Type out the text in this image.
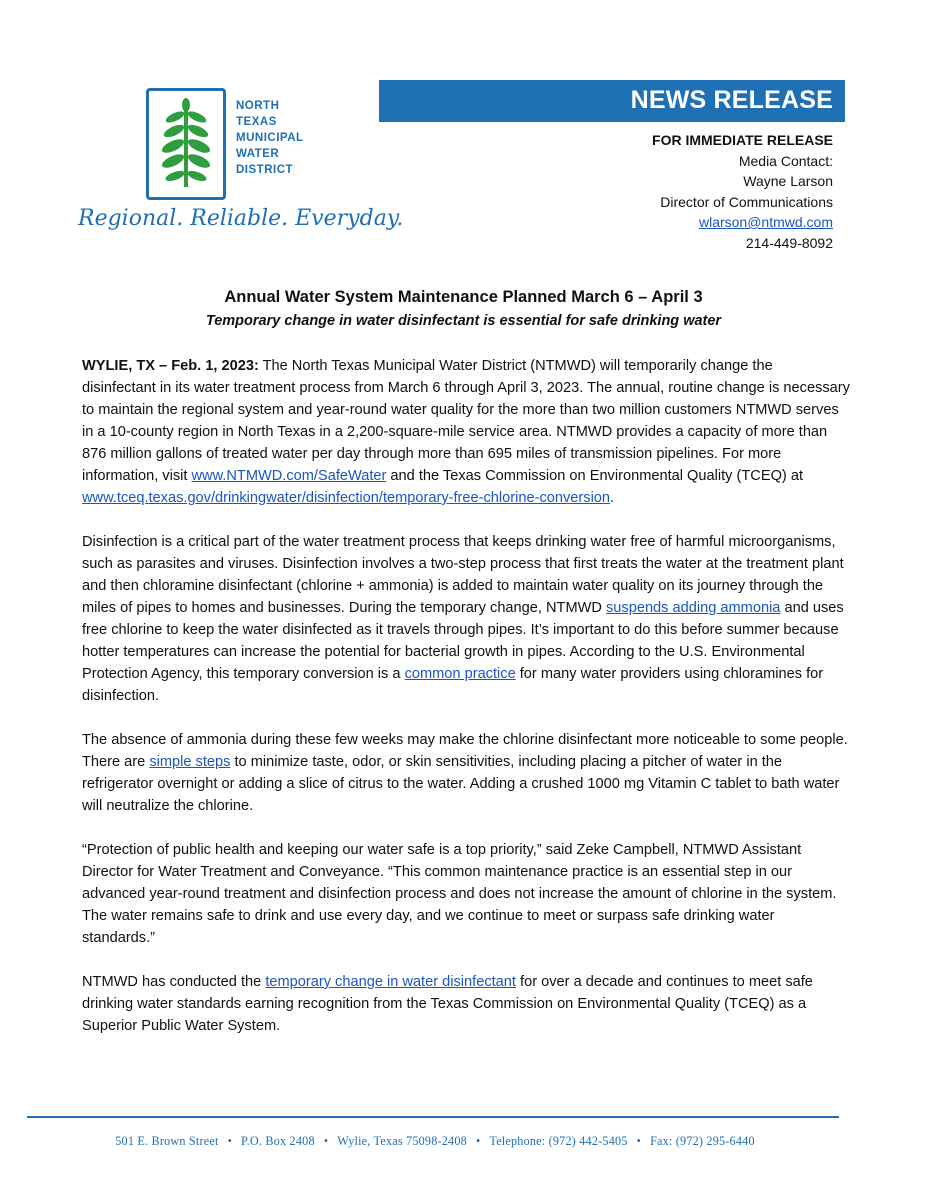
NORTH
TEXAS
MUNICIPAL
WATER
DISTRICT
Regional. Reliable. Everyday.
NEWS RELEASE
FOR IMMEDIATE RELEASE
Media Contact:
Wayne Larson
Director of Communications
wlarson@ntmwd.com
214-449-8092
Annual Water System Maintenance Planned March 6 – April 3
Temporary change in water disinfectant is essential for safe drinking water

WYLIE, TX – Feb. 1, 2023: The North Texas Municipal Water District (NTMWD) will temporarily change the disinfectant in its water treatment process from March 6 through April 3, 2023. The annual, routine change is necessary to maintain the regional system and year-round water quality for the more than two million customers NTMWD serves in a 10-county region in North Texas in a 2,200-square-mile service area. NTMWD provides a capacity of more than 876 million gallons of treated water per day through more than 695 miles of transmission pipelines. For more information, visit www.NTMWD.com/SafeWater and the Texas Commission on Environmental Quality (TCEQ) at www.tceq.texas.gov/drinkingwater/disinfection/temporary-free-chlorine-conversion.

Disinfection is a critical part of the water treatment process that keeps drinking water free of harmful microorganisms, such as parasites and viruses. Disinfection involves a two-step process that first treats the water at the treatment plant and then chloramine disinfectant (chlorine + ammonia) is added to maintain water quality on its journey through the miles of pipes to homes and businesses. During the temporary change, NTMWD suspends adding ammonia and uses free chlorine to keep the water disinfected as it travels through pipes. It’s important to do this before summer because hotter temperatures can increase the potential for bacterial growth in pipes. According to the U.S. Environmental Protection Agency, this temporary conversion is a common practice for many water providers using chloramines for disinfection.

The absence of ammonia during these few weeks may make the chlorine disinfectant more noticeable to some people. There are simple steps to minimize taste, odor, or skin sensitivities, including placing a pitcher of water in the refrigerator overnight or adding a slice of citrus to the water. Adding a crushed 1000 mg Vitamin C tablet to bath water will neutralize the chlorine.

“Protection of public health and keeping our water safe is a top priority,” said Zeke Campbell, NTMWD Assistant Director for Water Treatment and Conveyance. “This common maintenance practice is an essential step in our advanced year-round treatment and disinfection process and does not increase the amount of chlorine in the system. The water remains safe to drink and use every day, and we continue to meet or surpass safe drinking water standards.”

NTMWD has conducted the temporary change in water disinfectant for over a decade and continues to meet safe drinking water standards earning recognition from the Texas Commission on Environmental Quality (TCEQ) as a Superior Public Water System.

501 E. Brown Street • P.O. Box 2408 • Wylie, Texas 75098-2408 • Telephone: (972) 442-5405 • Fax: (972) 295-6440
